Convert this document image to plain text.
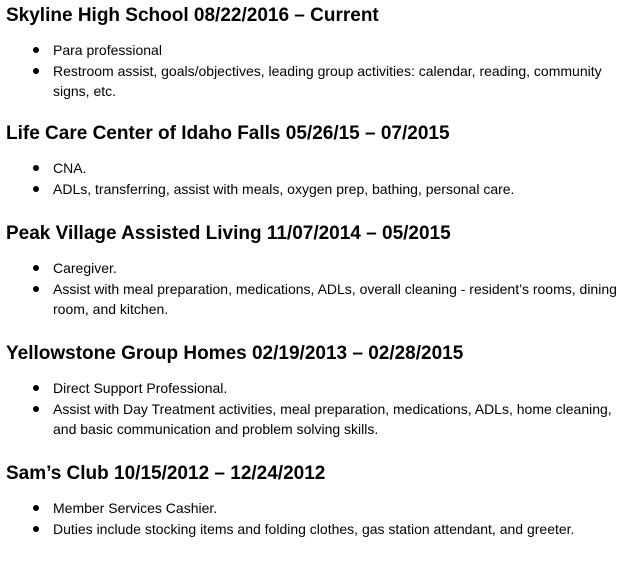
Skyline High School 08/22/2016 – Current
Para professional
Restroom assist, goals/objectives, leading group activities: calendar, reading, community signs, etc.
Life Care Center of Idaho Falls 05/26/15 – 07/2015
CNA.
ADLs, transferring, assist with meals, oxygen prep, bathing, personal care.
Peak Village Assisted Living 11/07/2014 – 05/2015
Caregiver.
Assist with meal preparation, medications, ADLs, overall cleaning - resident’s rooms, dining room, and kitchen.
Yellowstone Group Homes 02/19/2013 – 02/28/2015
Direct Support Professional.
Assist with Day Treatment activities, meal preparation, medications, ADLs, home cleaning, and basic communication and problem solving skills.
Sam’s Club 10/15/2012 – 12/24/2012
Member Services Cashier.
Duties include stocking items and folding clothes, gas station attendant, and greeter.
